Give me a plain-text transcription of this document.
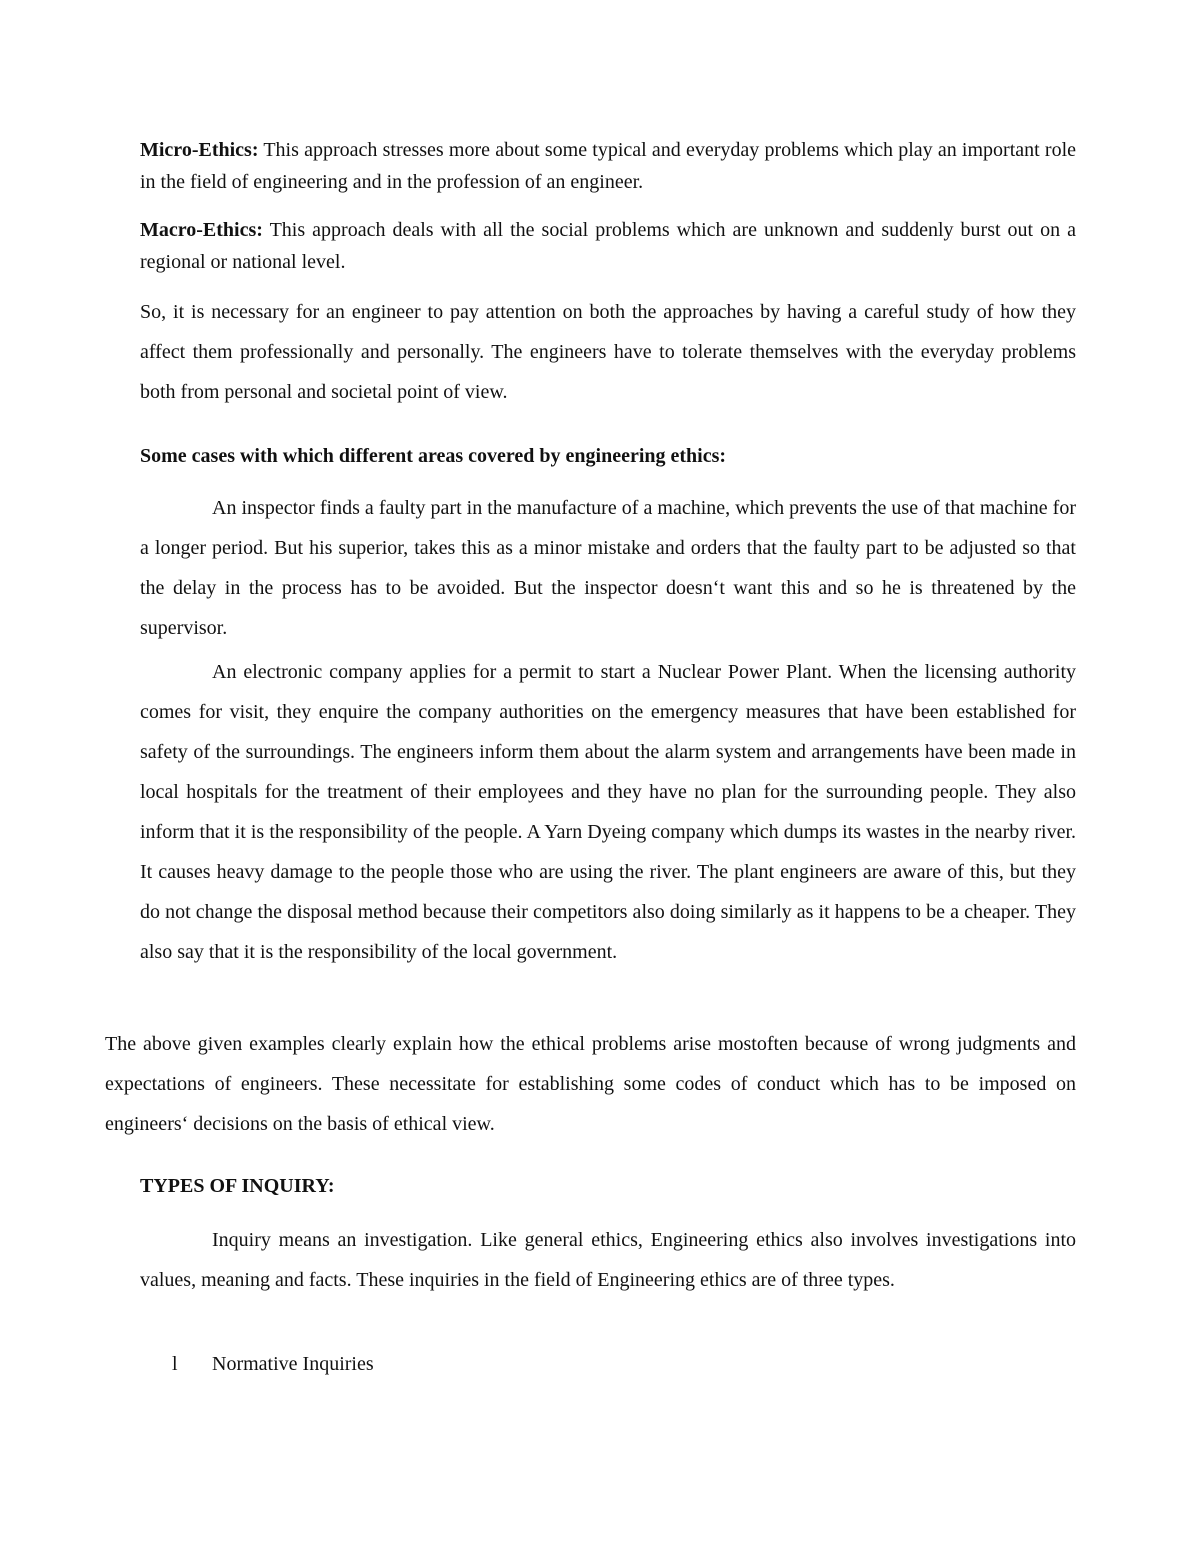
Micro-Ethics: This approach stresses more about some typical and everyday problems which play an important role in the field of engineering and in the profession of an engineer.

Macro-Ethics: This approach deals with all the social problems which are unknown and suddenly burst out on a regional or national level.

So, it is necessary for an engineer to pay attention on both the approaches by having a careful study of how they affect them professionally and personally. The engineers have to tolerate themselves with the everyday problems both from personal and societal point of view.

Some cases with which different areas covered by engineering ethics:

An inspector finds a faulty part in the manufacture of a machine, which prevents the use of that machine for a longer period. But his superior, takes this as a minor mistake and orders that the faulty part to be adjusted so that the delay in the process has to be avoided. But the inspector doesn‘t want this and so he is threatened by the supervisor.

An electronic company applies for a permit to start a Nuclear Power Plant. When the licensing authority comes for visit, they enquire the company authorities on the emergency measures that have been established for safety of the surroundings. The engineers inform them about the alarm system and arrangements have been made in local hospitals for the treatment of their employees and they have no plan for the surrounding people. They also inform that it is the responsibility of the people. A Yarn Dyeing company which dumps its wastes in the nearby river. It causes heavy damage to the people those who are using the river. The plant engineers are aware of this, but they do not change the disposal method because their competitors also doing similarly as it happens to be a cheaper. They also say that it is the responsibility of the local government.

The above given examples clearly explain how the ethical problems arise mostoften because of wrong judgments and expectations of engineers. These necessitate for establishing some codes of conduct which has to be imposed on engineers‘ decisions on the basis of ethical view.

TYPES OF INQUIRY:

Inquiry means an investigation. Like general ethics, Engineering ethics also involves investigations into values, meaning and facts. These inquiries in the field of Engineering ethics are of three types.

l	Normative Inquiries
